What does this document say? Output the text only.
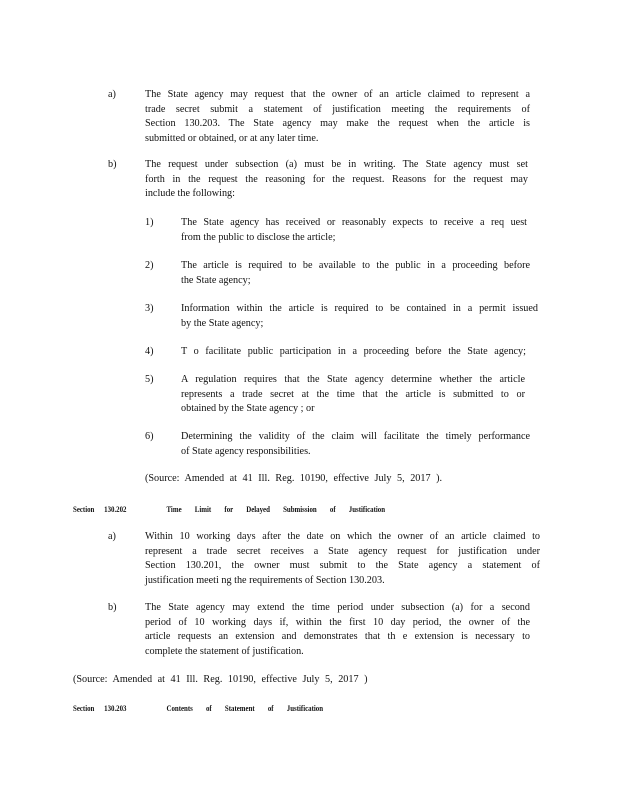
a)	The State agency may request that the owner of an article claimed to represent a
trade secret submit a statement of justification meeting the requirements of
Section 130.203. The State agency may make the request when the article is
submitted or obtained, or at any later time.
b)	The request under subsection (a) must be in writing. The State agency must set
forth in the request the reasoning for the request. Reasons for the request may
include the following:
1)	The State agency has received or reasonably expects to receive a req uest
from the public to disclose the article;
2)	The article is required to be available to the public in a proceeding before
the State agency;
3)	Information within the article is required to be contained in a permit issued
by the State agency;
4)	T o facilitate public participation in a proceeding before the State agency;
5)	A regulation requires that the State agency determine whether the article
represents a trade secret at the time that the article is submitted to or
obtained by the State agency ; or
6)	Determining the validity of the claim will facilitate the timely performance
of State agency responsibilities.
(Source: Amended at 41 Ill. Reg. 10190, effective July 5, 2017 ).
Section 130.202	Time Limit for Delayed Submission of Justification
a)	Within 10 working days after the date on which the owner of an article claimed to
represent a trade secret receives a State agency request for justification under
Section 130.201, the owner must submit to the State agency a statement of
justification meeti ng the requirements of Section 130.203.
b)	The State agency may extend the time period under subsection (a) for a second
period of 10 working days if, within the first 10 day period, the owner of the
article requests an extension and demonstrates that th e extension is necessary to
complete the statement of justification.
(Source: Amended at 41 Ill. Reg. 10190, effective July 5, 2017 )
Section 130.203	Contents of Statement of Justification
